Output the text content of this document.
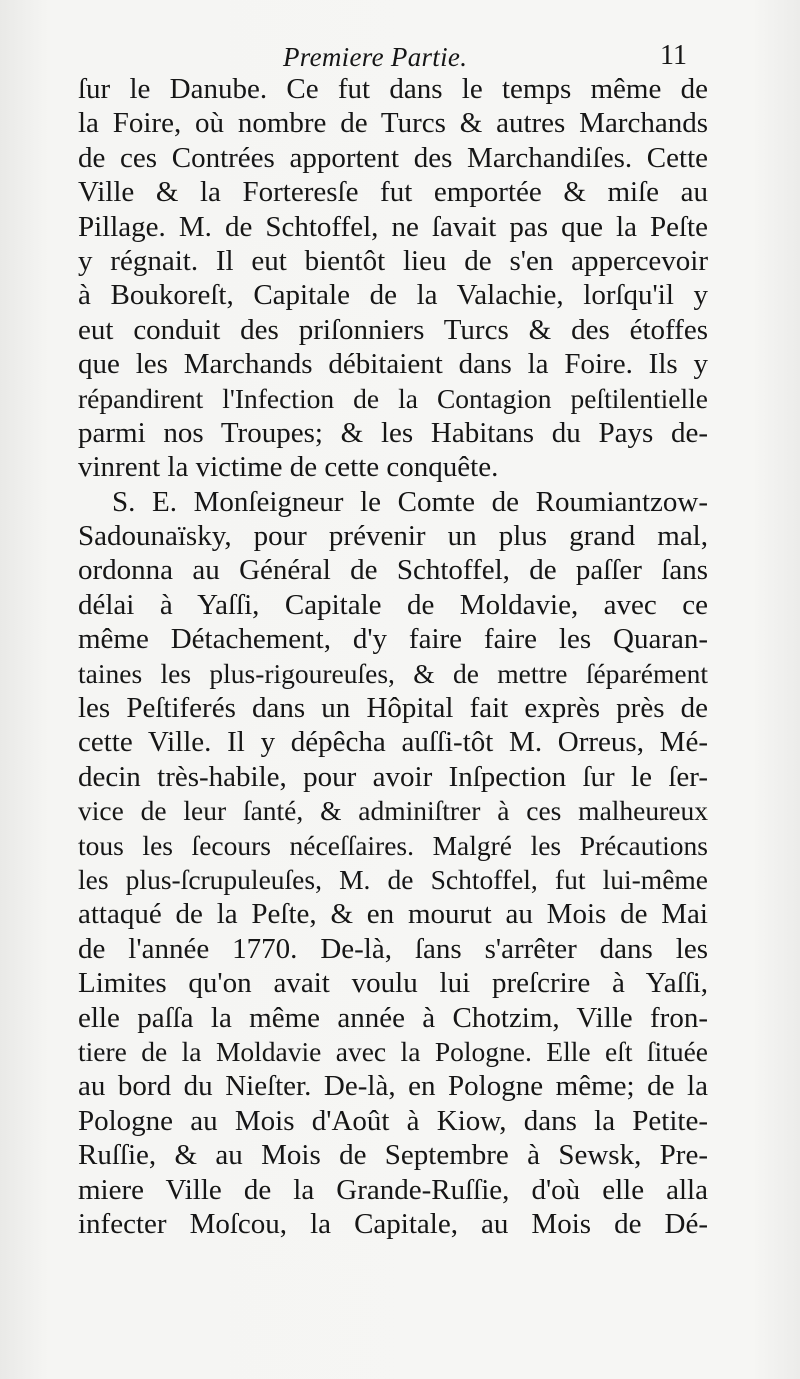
Premiere Partie.	11
ſur le Danube. Ce fut dans le temps même de
la Foire, où nombre de Turcs & autres Marchands
de ces Contrées apportent des Marchandiſes. Cette
Ville & la Forteresſe fut emportée & miſe au
Pillage. M. de Schtoffel, ne ſavait pas que la Peſte
y régnait. Il eut bientôt lieu de s'en appercevoir
à Boukoreſt, Capitale de la Valachie, lorſqu'il y
eut conduit des priſonniers Turcs & des étoffes
que les Marchands débitaient dans la Foire. Ils y
répandirent l'Infection de la Contagion peſtilentielle
parmi nos Troupes; & les Habitans du Pays de-
vinrent la victime de cette conquête.
S. E. Monſeigneur le Comte de Roumiantzow-
Sadounaïsky, pour prévenir un plus grand mal,
ordonna au Général de Schtoffel, de paſſer ſans
délai à Yaſſi, Capitale de Moldavie, avec ce
même Détachement, d'y faire faire les Quaran-
taines les plus-rigoureuſes, & de mettre ſéparément
les Peſtiferés dans un Hôpital fait exprès près de
cette Ville. Il y dépêcha auſſi-tôt M. Orreus, Mé-
decin très-habile, pour avoir Inſpection ſur le ſer-
vice de leur ſanté, & adminiſtrer à ces malheureux
tous les ſecours néceſſaires. Malgré les Précautions
les plus-ſcrupuleuſes, M. de Schtoffel, fut lui-même
attaqué de la Peſte, & en mourut au Mois de Mai
de l'année 1770. De-là, ſans s'arrêter dans les
Limites qu'on avait voulu lui preſcrire à Yaſſi,
elle paſſa la même année à Chotzim, Ville fron-
tiere de la Moldavie avec la Pologne. Elle eſt ſituée
au bord du Nieſter. De-là, en Pologne même; de la
Pologne au Mois d'Août à Kiow, dans la Petite-
Ruſſie, & au Mois de Septembre à Sewsk, Pre-
miere Ville de la Grande-Ruſſie, d'où elle alla
infecter Moſcou, la Capitale, au Mois de Dé-
